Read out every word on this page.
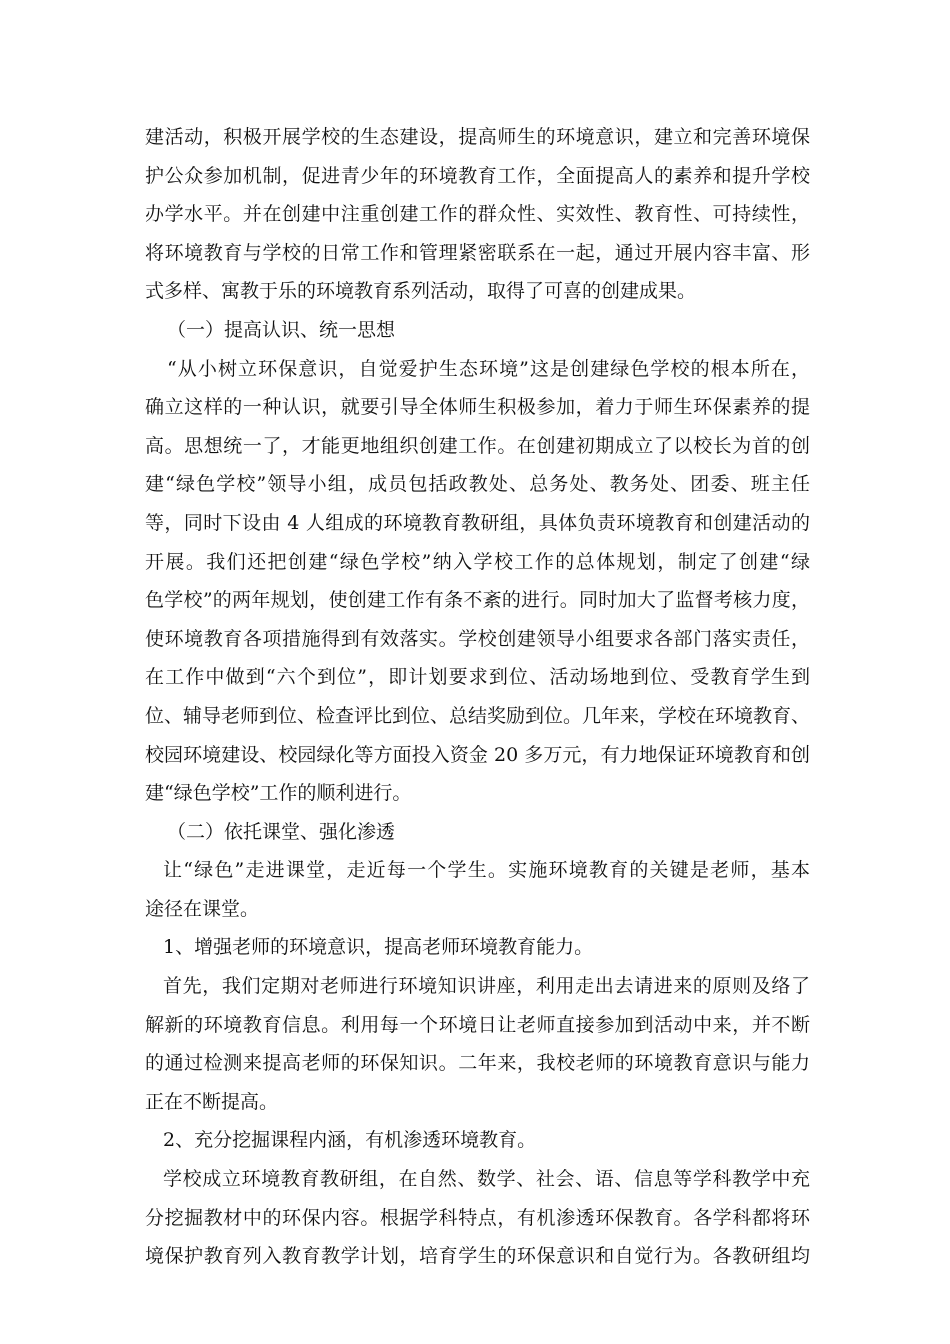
建活动，积极开展学校的生态建设，提高师生的环境意识，建立和完善环境保
护公众参加机制，促进青少年的环境教育工作，全面提高人的素养和提升学校
办学水平。并在创建中注重创建工作的群众性、实效性、教育性、可持续性，
将环境教育与学校的日常工作和管理紧密联系在一起，通过开展内容丰富、形
式多样、寓教于乐的环境教育系列活动，取得了可喜的创建成果。
（一）提高认识、统一思想
“从小树立环保意识，自觉爱护生态环境”这是创建绿色学校的根本所在，
确立这样的一种认识，就要引导全体师生积极参加，着力于师生环保素养的提
高。思想统一了，才能更地组织创建工作。在创建初期成立了以校长为首的创
建“绿色学校”领导小组，成员包括政教处、总务处、教务处、团委、班主任
等，同时下设由 4 人组成的环境教育教研组，具体负责环境教育和创建活动的
开展。我们还把创建“绿色学校”纳入学校工作的总体规划，制定了创建“绿
色学校”的两年规划，使创建工作有条不紊的进行。同时加大了监督考核力度，
使环境教育各项措施得到有效落实。学校创建领导小组要求各部门落实责任，
在工作中做到“六个到位”，即计划要求到位、活动场地到位、受教育学生到
位、辅导老师到位、检查评比到位、总结奖励到位。几年来，学校在环境教育、
校园环境建设、校园绿化等方面投入资金 20 多万元，有力地保证环境教育和创
建“绿色学校”工作的顺利进行。
（二）依托课堂、强化渗透
让“绿色”走进课堂，走近每一个学生。实施环境教育的关键是老师，基本
途径在课堂。
1、增强老师的环境意识，提高老师环境教育能力。
首先，我们定期对老师进行环境知识讲座，利用走出去请进来的原则及络了
解新的环境教育信息。利用每一个环境日让老师直接参加到活动中来，并不断
的通过检测来提高老师的环保知识。二年来，我校老师的环境教育意识与能力
正在不断提高。
2、充分挖掘课程内涵，有机渗透环境教育。
学校成立环境教育教研组，在自然、数学、社会、语、信息等学科教学中充
分挖掘教材中的环保内容。根据学科特点，有机渗透环保教育。各学科都将环
境保护教育列入教育教学计划，培育学生的环保意识和自觉行为。各教研组均
